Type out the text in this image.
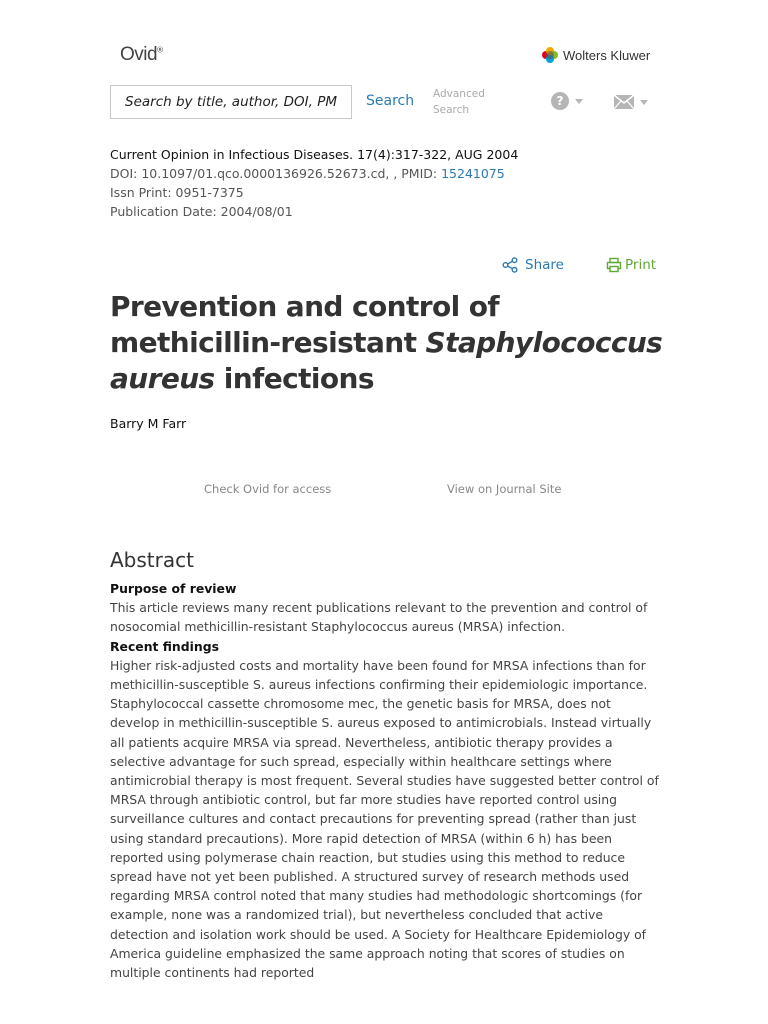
Ovid®	Wolters Kluwer
Search by title, author, DOI, PM
Search Advanced
Search
?
Current Opinion in Infectious Diseases. 17(4):317-322, AUG 2004
DOI: 10.1097/01.qco.0000136926.52673.cd, , PMID: 15241075
Issn Print: 0951-7375
Publication Date: 2004/08/01
Share	Print
Prevention and control of methicillin-resistant Staphylococcus aureus infections
Barry M Farr
Check Ovid for access	View on Journal Site
Abstract

Purpose of review

This article reviews many recent publications relevant to the prevention and control of nosocomial methicillin-resistant Staphylococcus aureus (MRSA) infection.

Recent findings

Higher risk-adjusted costs and mortality have been found for MRSA infections than for methicillin-susceptible S. aureus infections confirming their epidemiologic importance. Staphylococcal cassette chromosome mec, the genetic basis for MRSA, does not develop in methicillin-susceptible S. aureus exposed to antimicrobials. Instead virtually all patients acquire MRSA via spread. Nevertheless, antibiotic therapy provides a selective advantage for such spread, especially within healthcare settings where antimicrobial therapy is most frequent. Several studies have suggested better control of MRSA through antibiotic control, but far more studies have reported control using surveillance cultures and contact precautions for preventing spread (rather than just using standard precautions). More rapid detection of MRSA (within 6 h) has been reported using polymerase chain reaction, but studies using this method to reduce spread have not yet been published. A structured survey of research methods used regarding MRSA control noted that many studies had methodologic shortcomings (for example, none was a randomized trial), but nevertheless concluded that active detection and isolation work should be used. A Society for Healthcare Epidemiology of America guideline emphasized the same approach noting that scores of studies on multiple continents had reported
